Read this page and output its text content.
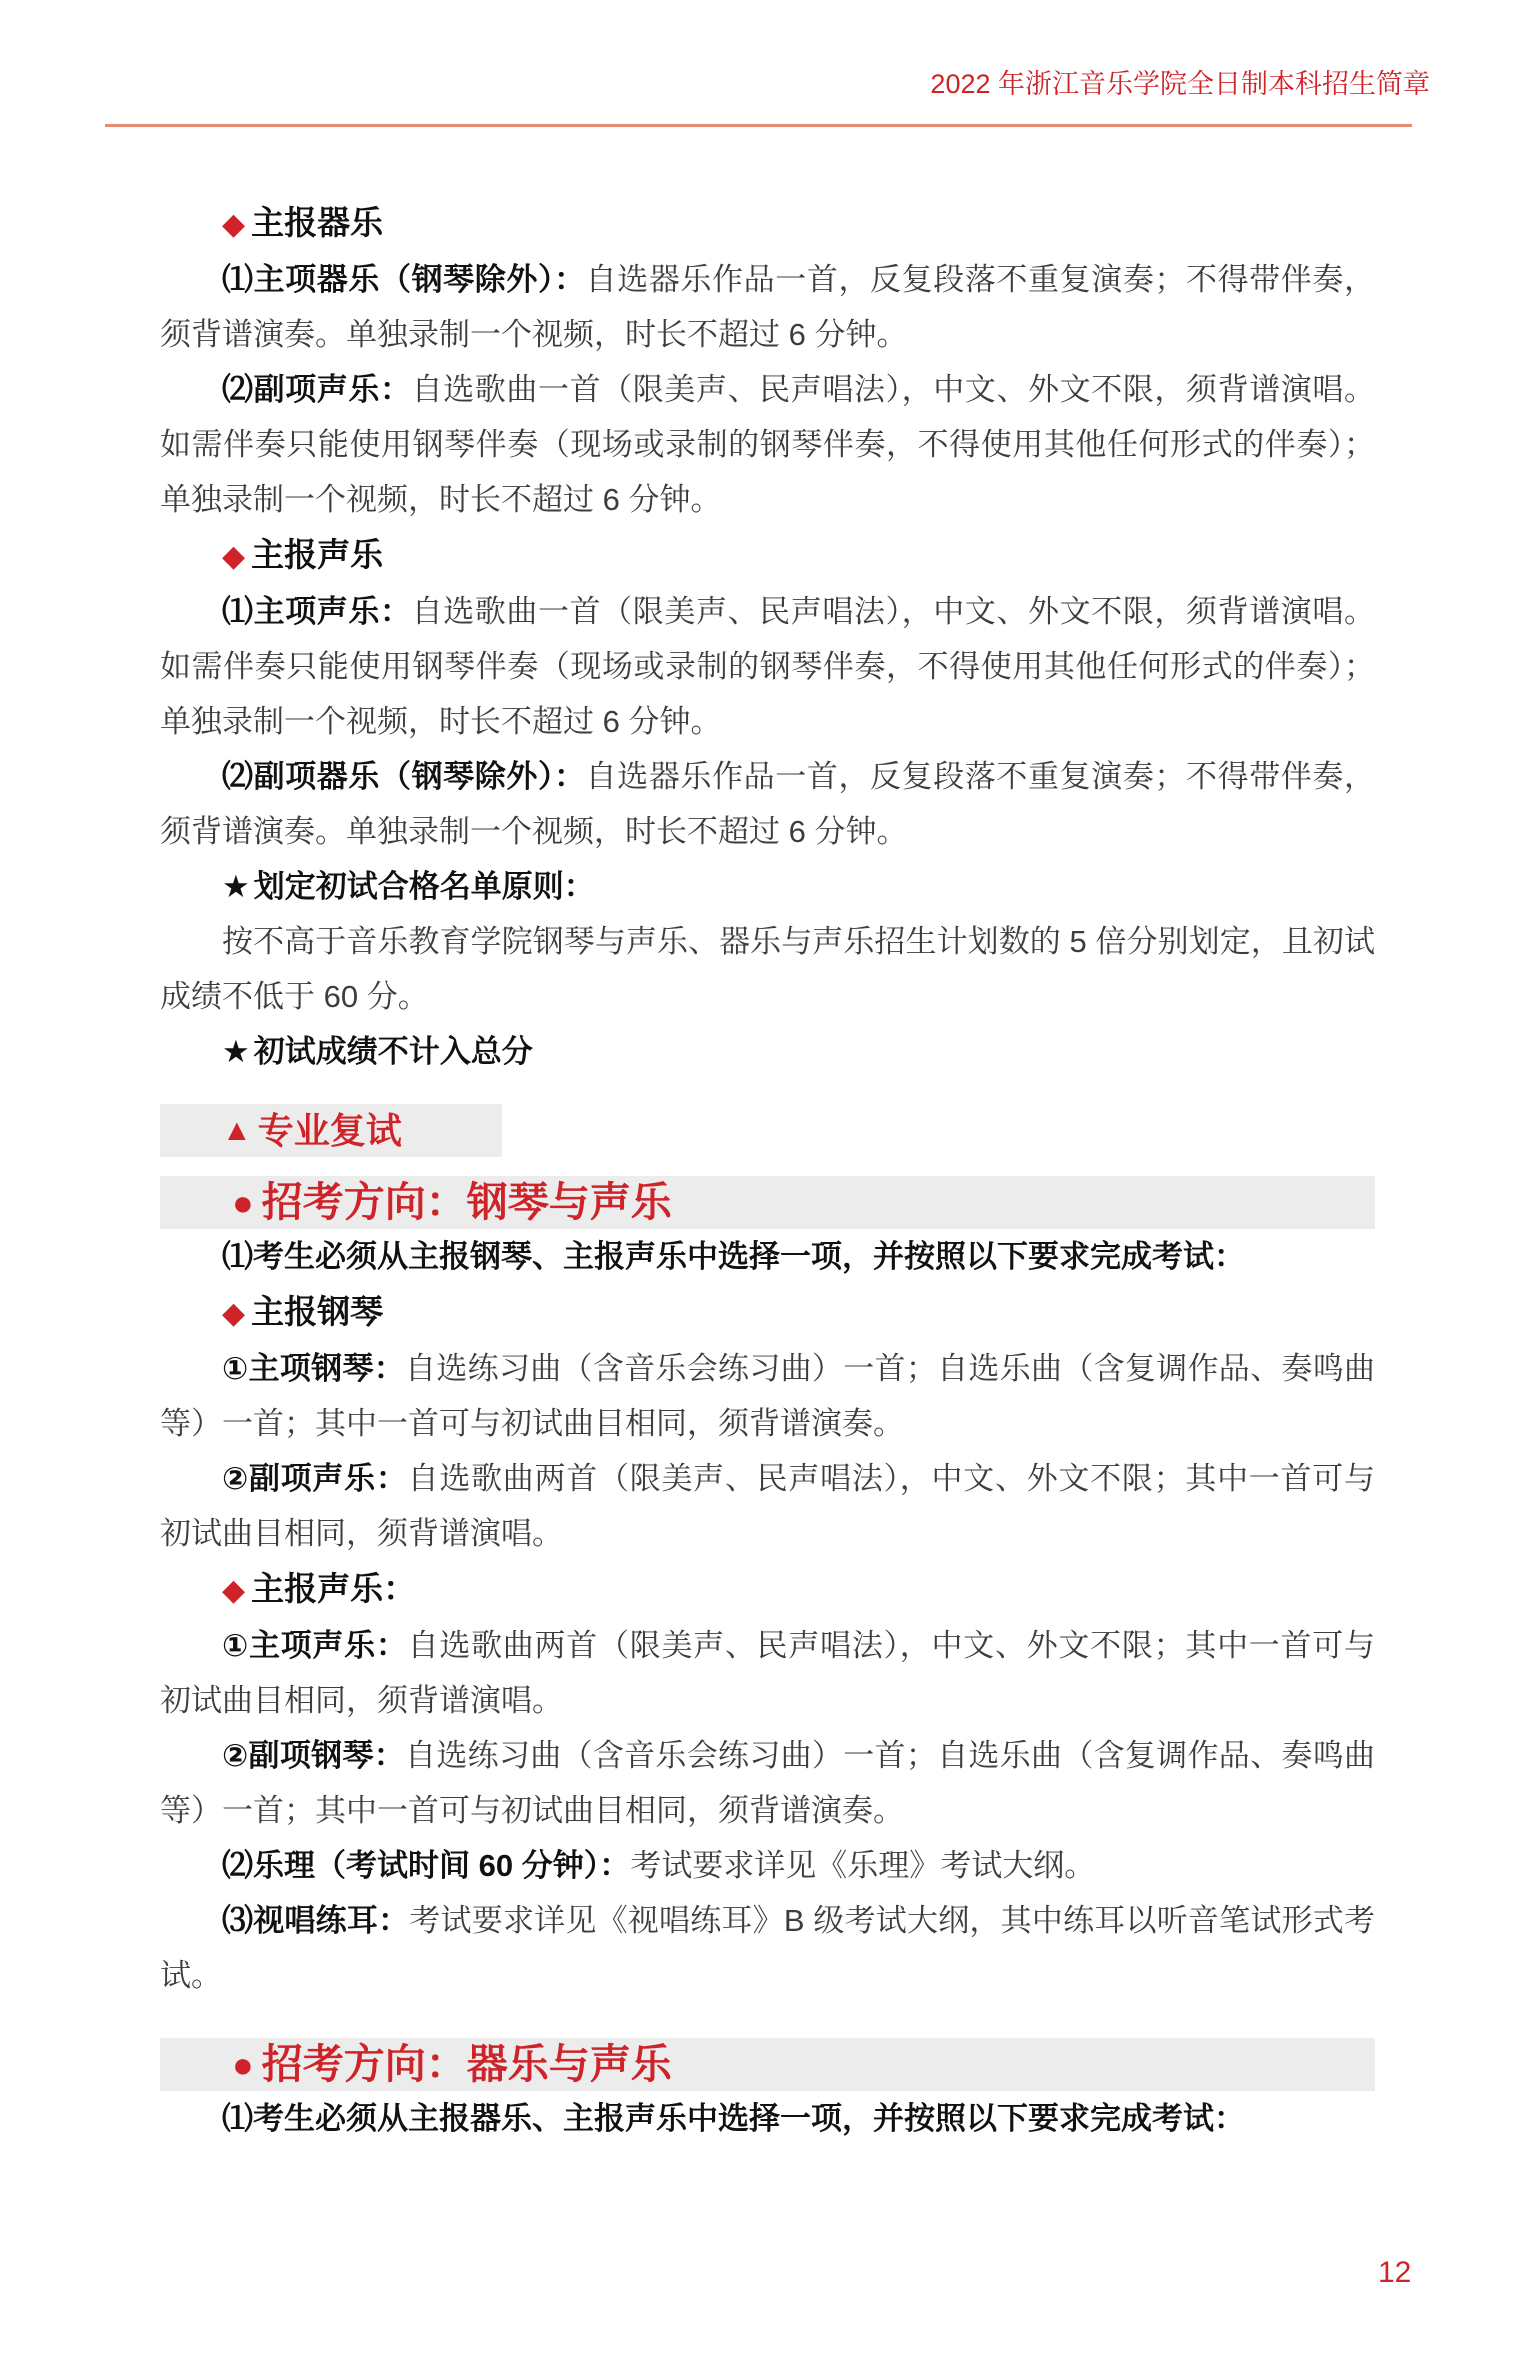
2022 年浙江音乐学院全日制本科招生简章
◆ 主报器乐

⑴主项器乐（钢琴除外）：自选器乐作品一首，反复段落不重复演奏；不得带伴奏，须背谱演奏。单独录制一个视频，时长不超过 6 分钟。

⑵副项声乐：自选歌曲一首（限美声、民声唱法），中文、外文不限，须背谱演唱。如需伴奏只能使用钢琴伴奏（现场或录制的钢琴伴奏，不得使用其他任何形式的伴奏）；单独录制一个视频，时长不超过 6 分钟。

◆ 主报声乐

⑴主项声乐：自选歌曲一首（限美声、民声唱法），中文、外文不限，须背谱演唱。如需伴奏只能使用钢琴伴奏（现场或录制的钢琴伴奏，不得使用其他任何形式的伴奏）；单独录制一个视频，时长不超过 6 分钟。

⑵副项器乐（钢琴除外）：自选器乐作品一首，反复段落不重复演奏；不得带伴奏，须背谱演奏。单独录制一个视频，时长不超过 6 分钟。

★ 划定初试合格名单原则：

按不高于音乐教育学院钢琴与声乐、器乐与声乐招生计划数的 5 倍分别划定，且初试成绩不低于 60 分。

★ 初试成绩不计入总分

▲ 专业复试
● 招考方向：钢琴与声乐

⑴考生必须从主报钢琴、主报声乐中选择一项，并按照以下要求完成考试：

◆ 主报钢琴

①主项钢琴：自选练习曲（含音乐会练习曲）一首；自选乐曲（含复调作品、奏鸣曲等）一首；其中一首可与初试曲目相同，须背谱演奏。

②副项声乐：自选歌曲两首（限美声、民声唱法），中文、外文不限；其中一首可与初试曲目相同，须背谱演唱。

◆ 主报声乐：

①主项声乐：自选歌曲两首（限美声、民声唱法），中文、外文不限；其中一首可与初试曲目相同，须背谱演唱。

②副项钢琴：自选练习曲（含音乐会练习曲）一首；自选乐曲（含复调作品、奏鸣曲等）一首；其中一首可与初试曲目相同，须背谱演奏。

⑵乐理（考试时间 60 分钟）：考试要求详见《乐理》考试大纲。

⑶视唱练耳：考试要求详见《视唱练耳》B 级考试大纲，其中练耳以听音笔试形式考试。

● 招考方向：器乐与声乐

⑴考生必须从主报器乐、主报声乐中选择一项，并按照以下要求完成考试：

12
